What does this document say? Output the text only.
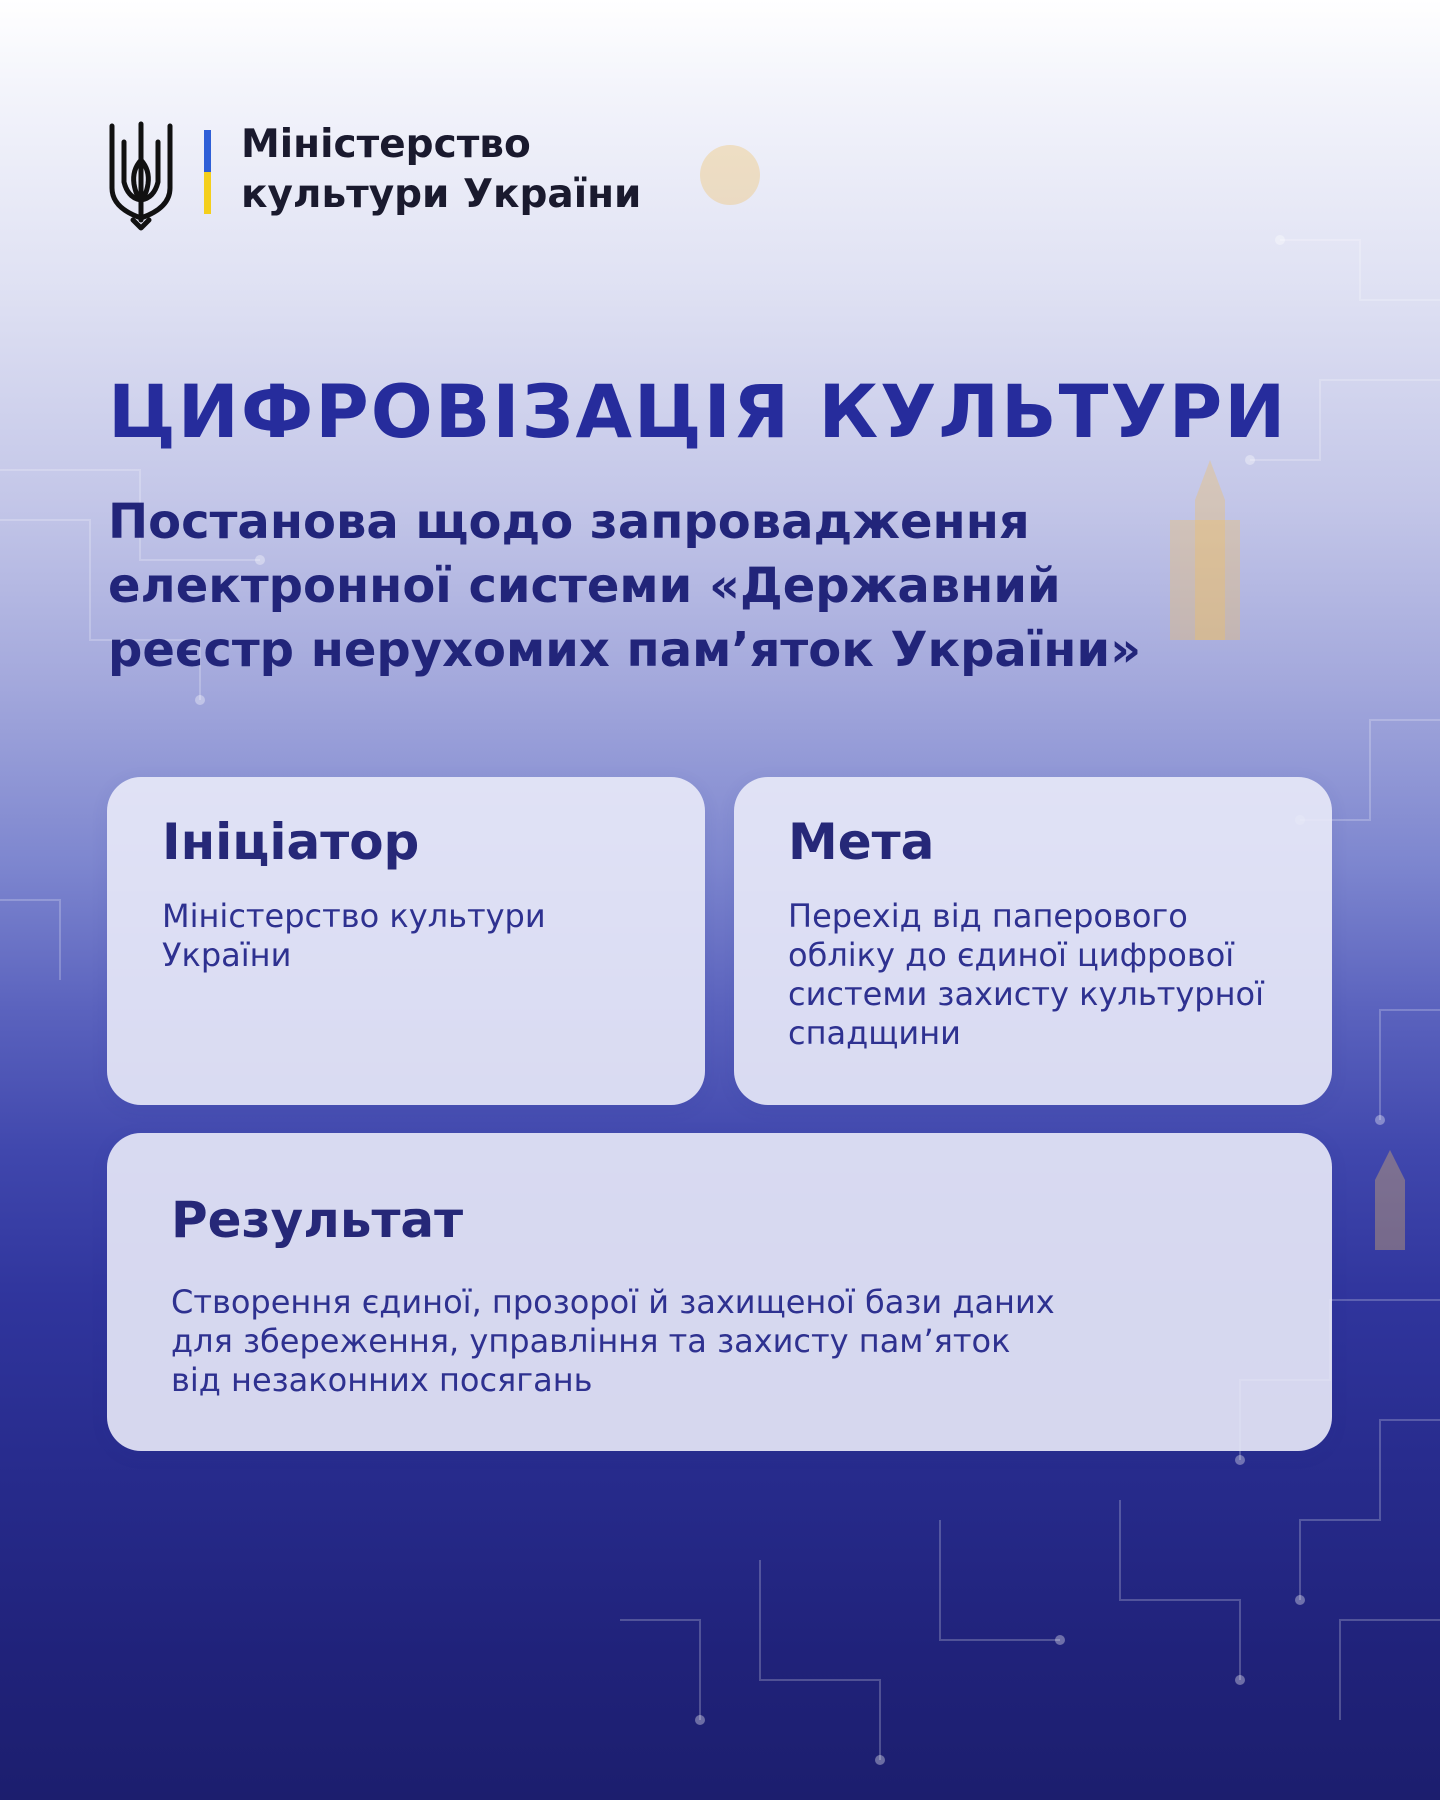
Міністерство
культури України
ЦИФРОВІЗАЦІЯ КУЛЬТУРИ
Постанова щодо запровадження
електронної системи «Державний
реєстр нерухомих пам’яток України»
Ініціатор

Міністерство культури
України

Мета

Перехід від паперового
обліку до єдиної цифрової
системи захисту культурної
спадщини

Результат

Створення єдиної, прозорої й захищеної бази даних
для збереження, управління та захисту пам’яток
від незаконних посягань
